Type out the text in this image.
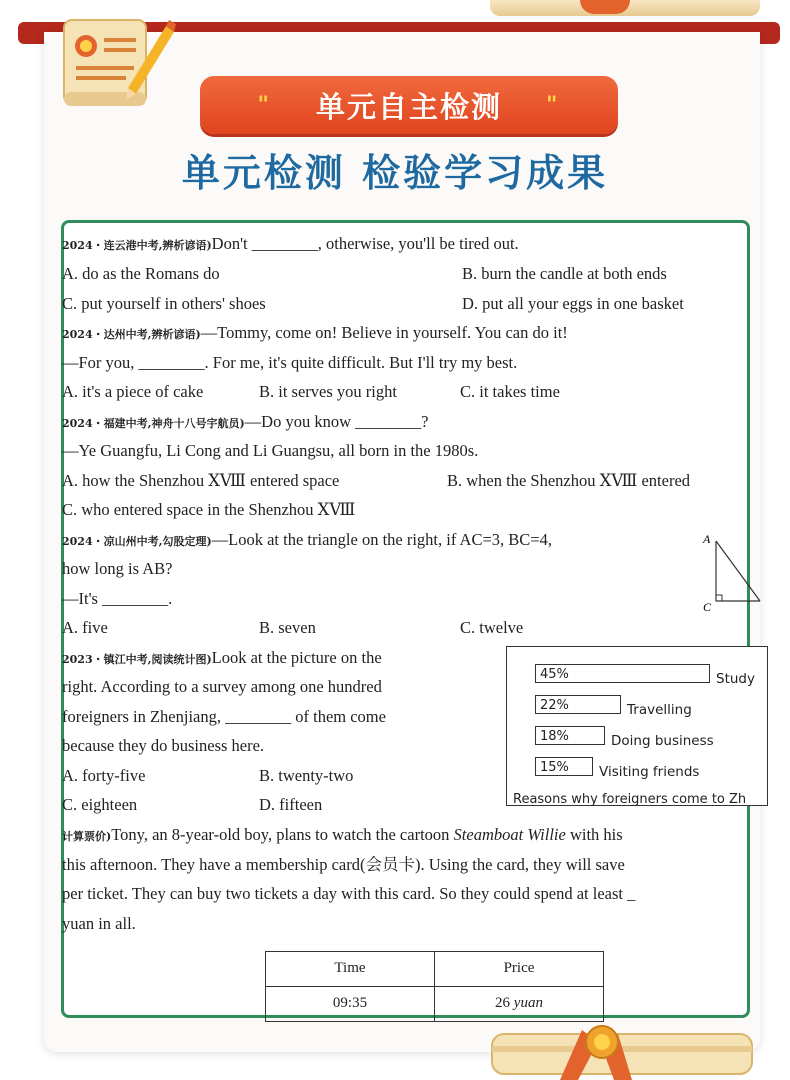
" 单元自主检测 "
单元检测 检验学习成果
2024・连云港中考,辨析谚语)Don't ________, otherwise, you'll be tired out.
A. do as the Romans do	B. burn the candle at both ends
C. put yourself in others' shoes	D. put all your eggs in one basket
2024・达州中考,辨析谚语)—Tommy, come on! Believe in yourself. You can do it!
—For you, ________. For me, it's quite difficult. But I'll try my best.
A. it's a piece of cake	B. it serves you right	C. it takes time
2024・福建中考,神舟十八号宇航员)—Do you know ________?
—Ye Guangfu, Li Cong and Li Guangsu, all born in the 1980s.
A. how the Shenzhou ⅩⅧ entered space	B. when the Shenzhou ⅩⅧ entered
C. who entered space in the Shenzhou ⅩⅧ
2024・凉山州中考,勾股定理)—Look at the triangle on the right, if AC=3, BC=4,
how long is AB?
—It's ________.
A. five	B. seven	C. twelve
A
C
2023・镇江中考,阅读统计图)Look at the picture on the
right. According to a survey among one hundred
foreigners in Zhenjiang, ________ of them come
because they do business here.
A. forty-five	B. twenty-two
C. eighteen	D. fifteen
45%	Study
22%	Travelling
18%	Doing business
15%	Visiting friends
Reasons why foreigners come to Zh
计算票价)Tony, an 8-year-old boy, plans to watch the cartoon Steamboat Willie with his
this afternoon. They have a membership card(会员卡). Using the card, they will save
per ticket. They can buy two tickets a day with this card. So they could spend at least _
yuan in all.
Time	Price
09:35	26 yuan
